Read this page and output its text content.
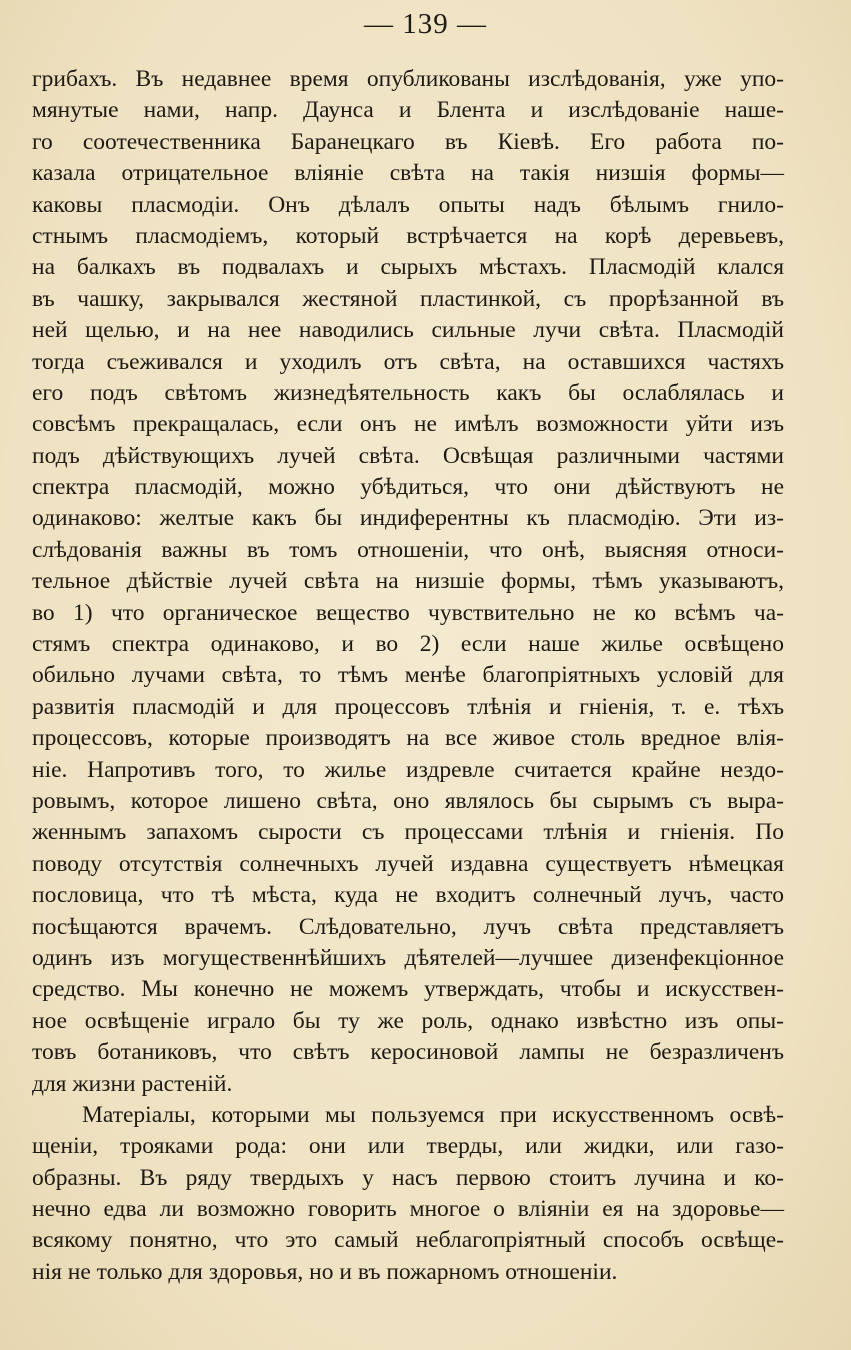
— 139 —
грибахъ. Въ недавнее время опубликованы изслѣдованія, уже упо-
мянутые нами, напр. Даунса и Блента и изслѣдованіе наше-
го соотечественника Баранецкаго въ Кіевѣ. Его работа по-
казала отрицательное вліяніе свѣта на такія низшія формы—
каковы пласмодіи. Онъ дѣлалъ опыты надъ бѣлымъ гнило-
стнымъ пласмодіемъ, который встрѣчается на корѣ деревьевъ,
на балкахъ въ подвалахъ и сырыхъ мѣстахъ. Пласмодій клался
въ чашку, закрывался жестяной пластинкой, съ прорѣзанной въ
ней щелью, и на нее наводились сильные лучи свѣта. Пласмодій
тогда съеживался и уходилъ отъ свѣта, на оставшихся частяхъ
его подъ свѣтомъ жизнедѣятельность какъ бы ослаблялась и
совсѣмъ прекращалась, если онъ не имѣлъ возможности уйти изъ
подъ дѣйствующихъ лучей свѣта. Освѣщая различными частями
спектра пласмодій, можно убѣдиться, что они дѣйствуютъ не
одинаково: желтые какъ бы индиферентны къ пласмодію. Эти из-
слѣдованія важны въ томъ отношеніи, что онѣ, выясняя относи-
тельное дѣйствіе лучей свѣта на низшіе формы, тѣмъ указываютъ,
во 1) что органическое вещество чувствительно не ко всѣмъ ча-
стямъ спектра одинаково, и во 2) если наше жилье освѣщено
обильно лучами свѣта, то тѣмъ менѣе благопріятныхъ условій для
развитія пласмодій и для процессовъ тлѣнія и гніенія, т. е. тѣхъ
процессовъ, которые производятъ на все живое столь вредное влія-
ніе. Напротивъ того, то жилье издревле считается крайне нездо-
ровымъ, которое лишено свѣта, оно являлось бы сырымъ съ выра-
женнымъ запахомъ сырости съ процессами тлѣнія и гніенія. По
поводу отсутствія солнечныхъ лучей издавна существуетъ нѣмецкая
пословица, что тѣ мѣста, куда не входитъ солнечный лучъ, часто
посѣщаются врачемъ. Слѣдовательно, лучъ свѣта представляетъ
одинъ изъ могущественнѣйшихъ дѣятелей—лучшее дизенфекціонное
средство. Мы конечно не можемъ утверждать, чтобы и искусствен-
ное освѣщеніе играло бы ту же роль, однако извѣстно изъ опы-
товъ ботаниковъ, что свѣтъ керосиновой лампы не безразличенъ
для жизни растеній.
Матеріалы, которыми мы пользуемся при искусственномъ освѣ-
щеніи, трояками рода: они или тверды, или жидки, или газо-
образны. Въ ряду твердыхъ у насъ первою стоитъ лучина и ко-
нечно едва ли возможно говорить многое о вліяніи ея на здоровье—
всякому понятно, что это самый неблагопріятный способъ освѣще-
нія не только для здоровья, но и въ пожарномъ отношеніи.
